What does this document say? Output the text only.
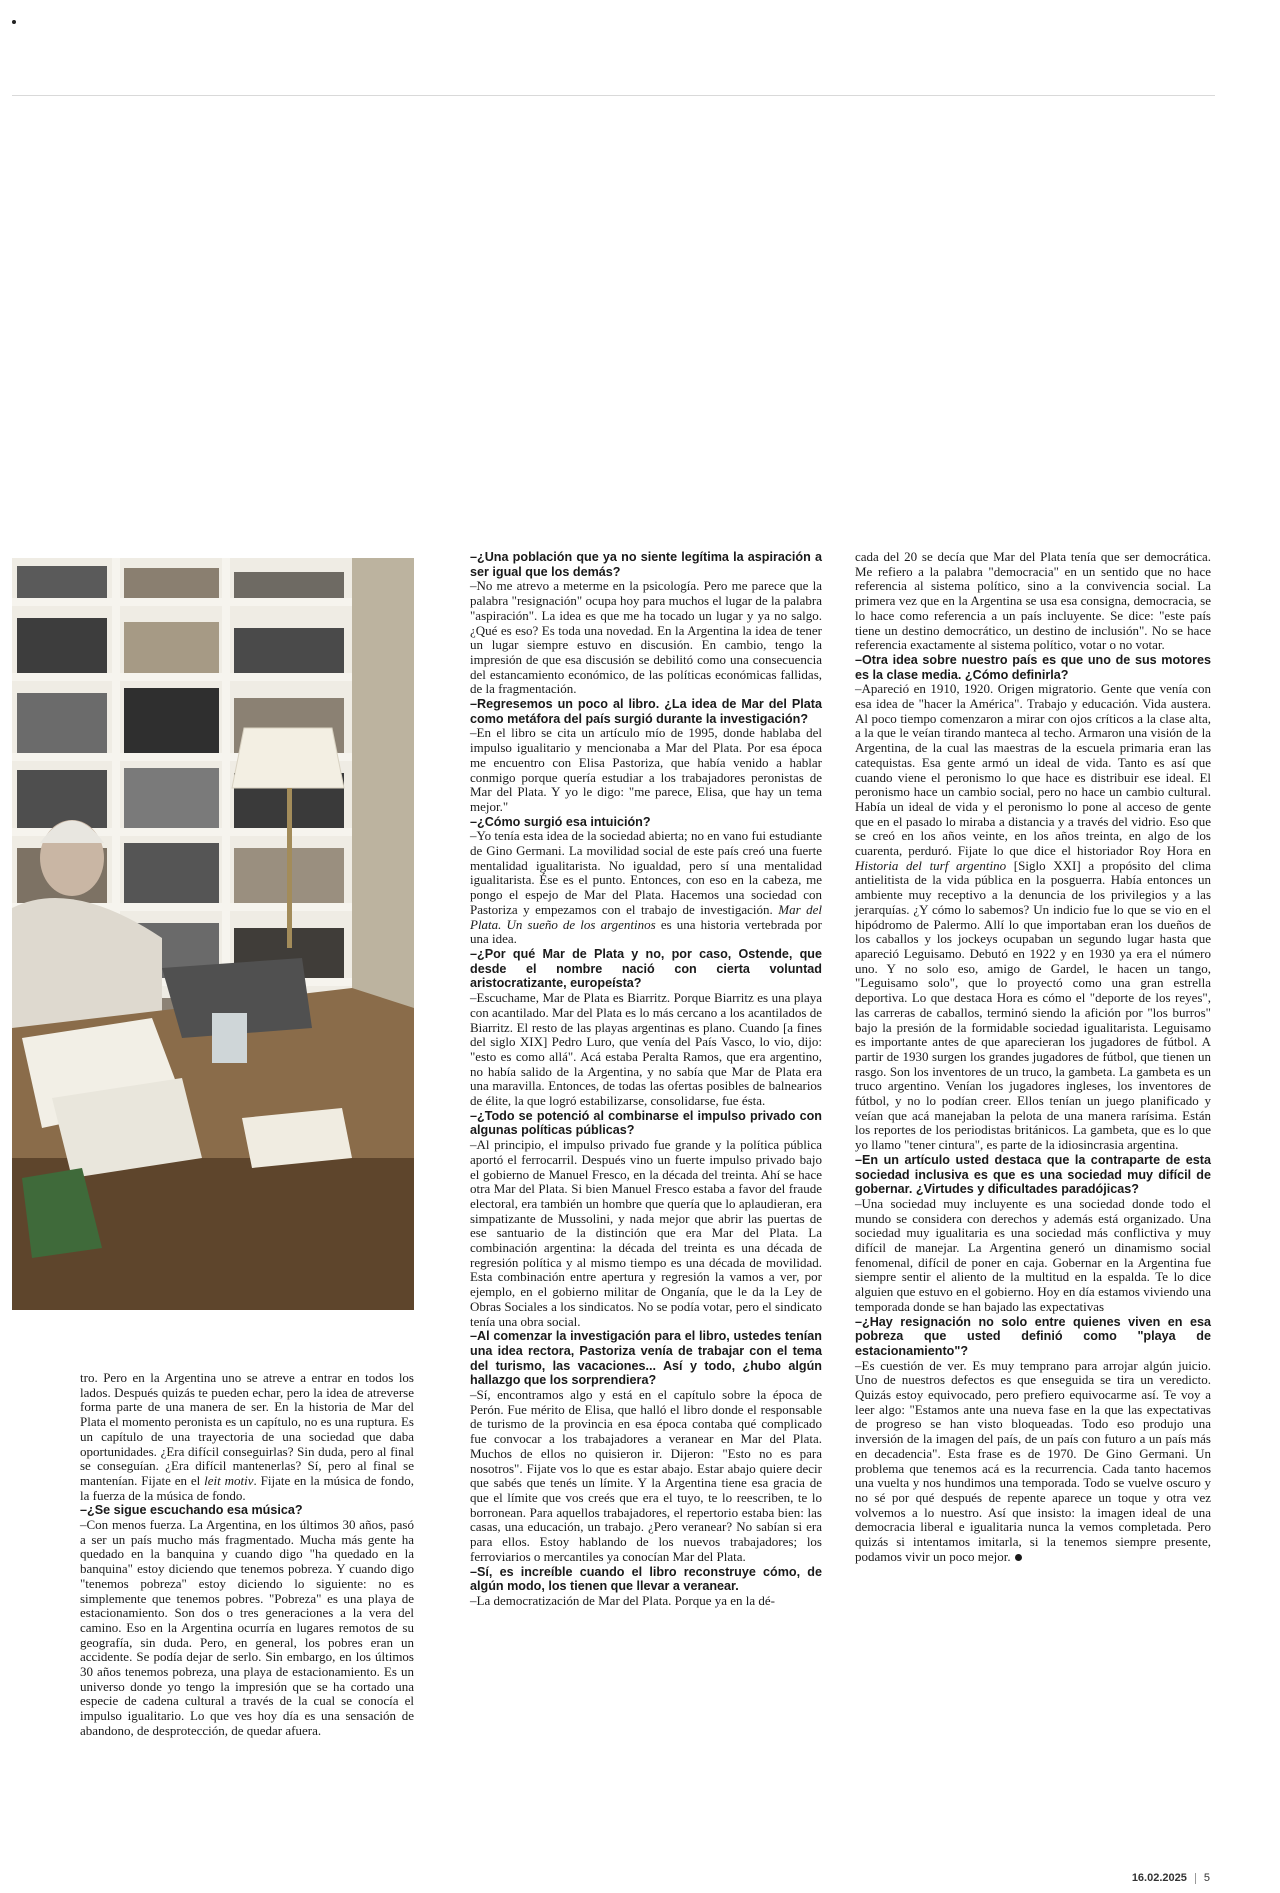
tro. Pero en la Argentina uno se atreve a entrar en todos los lados. Después quizás te pueden echar, pero la idea de atreverse forma parte de una manera de ser. En la historia de Mar del Plata el momento peronista es un capítulo, no es una ruptura. Es un capítulo de una trayectoria de una sociedad que daba oportunidades. ¿Era difícil conseguirlas? Sin duda, pero al final se conseguían. ¿Era difícil mantenerlas? Sí, pero al final se mantenían. Fijate en el leit motiv. Fijate en la música de fondo, la fuerza de la música de fondo.

–¿Se sigue escuchando esa música?

–Con menos fuerza. La Argentina, en los últimos 30 años, pasó a ser un país mucho más fragmentado. Mucha más gente ha quedado en la banquina y cuando digo "ha quedado en la banquina" estoy diciendo que tenemos pobreza. Y cuando digo "tenemos pobreza" estoy diciendo lo siguiente: no es simplemente que tenemos pobres. "Pobreza" es una playa de estacionamiento. Son dos o tres generaciones a la vera del camino. Eso en la Argentina ocurría en lugares remotos de su geografía, sin duda. Pero, en general, los pobres eran un accidente. Se podía dejar de serlo. Sin embargo, en los últimos 30 años tenemos pobreza, una playa de estacionamiento. Es un universo donde yo tengo la impresión que se ha cortado una especie de cadena cultural a través de la cual se conocía el impulso igualitario. Lo que ves hoy día es una sensación de abandono, de desprotección, de quedar afuera.

–¿Una población que ya no siente legítima la aspiración a ser igual que los demás?

–No me atrevo a meterme en la psicología. Pero me parece que la palabra "resignación" ocupa hoy para muchos el lugar de la palabra "aspiración". La idea es que me ha tocado un lugar y ya no salgo. ¿Qué es eso? Es toda una novedad. En la Argentina la idea de tener un lugar siempre estuvo en discusión. En cambio, tengo la impresión de que esa discusión se debilitó como una consecuencia del estancamiento económico, de las políticas económicas fallidas, de la fragmentación.

–Regresemos un poco al libro. ¿La idea de Mar del Plata como metáfora del país surgió durante la investigación?

–En el libro se cita un artículo mío de 1995, donde hablaba del impulso igualitario y mencionaba a Mar del Plata. Por esa época me encuentro con Elisa Pastoriza, que había venido a hablar conmigo porque quería estudiar a los trabajadores peronistas de Mar del Plata. Y yo le digo: "me parece, Elisa, que hay un tema mejor."

–¿Cómo surgió esa intuición?

–Yo tenía esta idea de la sociedad abierta; no en vano fui estudiante de Gino Germani. La movilidad social de este país creó una fuerte mentalidad igualitarista. No igualdad, pero sí una mentalidad igualitarista. Ése es el punto. Entonces, con eso en la cabeza, me pongo el espejo de Mar del Plata. Hacemos una sociedad con Pastoriza y empezamos con el trabajo de investigación. Mar del Plata. Un sueño de los argentinos es una historia vertebrada por una idea.

–¿Por qué Mar de Plata y no, por caso, Ostende, que desde el nombre nació con cierta voluntad aristocratizante, europeísta?

–Escuchame, Mar de Plata es Biarritz. Porque Biarritz es una playa con acantilado. Mar del Plata es lo más cercano a los acantilados de Biarritz. El resto de las playas argentinas es plano. Cuando [a fines del siglo XIX] Pedro Luro, que venía del País Vasco, lo vio, dijo: "esto es como allá". Acá estaba Peralta Ramos, que era argentino, no había salido de la Argentina, y no sabía que Mar de Plata era una maravilla. Entonces, de todas las ofertas posibles de balnearios de élite, la que logró estabilizarse, consolidarse, fue ésta.

–¿Todo se potenció al combinarse el impulso privado con algunas políticas públicas?

–Al principio, el impulso privado fue grande y la política pública aportó el ferrocarril. Después vino un fuerte impulso privado bajo el gobierno de Manuel Fresco, en la década del treinta. Ahí se hace otra Mar del Plata. Si bien Manuel Fresco estaba a favor del fraude electoral, era también un hombre que quería que lo aplaudieran, era simpatizante de Mussolini, y nada mejor que abrir las puertas de ese santuario de la distinción que era Mar del Plata. La combinación argentina: la década del treinta es una década de regresión política y al mismo tiempo es una década de movilidad. Esta combinación entre apertura y regresión la vamos a ver, por ejemplo, en el gobierno militar de Onganía, que le da la Ley de Obras Sociales a los sindicatos. No se podía votar, pero el sindicato tenía una obra social.

–Al comenzar la investigación para el libro, ustedes tenían una idea rectora, Pastoriza venía de trabajar con el tema del turismo, las vacaciones... Así y todo, ¿hubo algún hallazgo que los sorprendiera?

–Sí, encontramos algo y está en el capítulo sobre la época de Perón. Fue mérito de Elisa, que halló el libro donde el responsable de turismo de la provincia en esa época contaba qué complicado fue convocar a los trabajadores a veranear en Mar del Plata. Muchos de ellos no quisieron ir. Dijeron: "Esto no es para nosotros". Fijate vos lo que es estar abajo. Estar abajo quiere decir que sabés que tenés un límite. Y la Argentina tiene esa gracia de que el límite que vos creés que era el tuyo, te lo reescriben, te lo borronean. Para aquellos trabajadores, el repertorio estaba bien: las casas, una educación, un trabajo. ¿Pero veranear? No sabían si era para ellos. Estoy hablando de los nuevos trabajadores; los ferroviarios o mercantiles ya conocían Mar del Plata.

–Sí, es increíble cuando el libro reconstruye cómo, de algún modo, los tienen que llevar a veranear.

–La democratización de Mar del Plata. Porque ya en la dé-

cada del 20 se decía que Mar del Plata tenía que ser democrática. Me refiero a la palabra "democracia" en un sentido que no hace referencia al sistema político, sino a la convivencia social. La primera vez que en la Argentina se usa esa consigna, democracia, se lo hace como referencia a un país incluyente. Se dice: "este país tiene un destino democrático, un destino de inclusión". No se hace referencia exactamente al sistema político, votar o no votar.

–Otra idea sobre nuestro país es que uno de sus motores es la clase media. ¿Cómo definirla?

–Apareció en 1910, 1920. Origen migratorio. Gente que venía con esa idea de "hacer la América". Trabajo y educación. Vida austera. Al poco tiempo comenzaron a mirar con ojos críticos a la clase alta, a la que le veían tirando manteca al techo. Armaron una visión de la Argentina, de la cual las maestras de la escuela primaria eran las catequistas. Esa gente armó un ideal de vida. Tanto es así que cuando viene el peronismo lo que hace es distribuir ese ideal. El peronismo hace un cambio social, pero no hace un cambio cultural. Había un ideal de vida y el peronismo lo pone al acceso de gente que en el pasado lo miraba a distancia y a través del vidrio. Eso que se creó en los años veinte, en los años treinta, en algo de los cuarenta, perduró. Fijate lo que dice el historiador Roy Hora en Historia del turf argentino [Siglo XXI] a propósito del clima antielitista de la vida pública en la posguerra. Había entonces un ambiente muy receptivo a la denuncia de los privilegios y a las jerarquías. ¿Y cómo lo sabemos? Un indicio fue lo que se vio en el hipódromo de Palermo. Allí lo que importaban eran los dueños de los caballos y los jockeys ocupaban un segundo lugar hasta que apareció Leguisamo. Debutó en 1922 y en 1930 ya era el número uno. Y no solo eso, amigo de Gardel, le hacen un tango, "Leguisamo solo", que lo proyectó como una gran estrella deportiva. Lo que destaca Hora es cómo el "deporte de los reyes", las carreras de caballos, terminó siendo la afición por "los burros" bajo la presión de la formidable sociedad igualitarista. Leguisamo es importante antes de que aparecieran los jugadores de fútbol. A partir de 1930 surgen los grandes jugadores de fútbol, que tienen un rasgo. Son los inventores de un truco, la gambeta. La gambeta es un truco argentino. Venían los jugadores ingleses, los inventores de fútbol, y no lo podían creer. Ellos tenían un juego planificado y veían que acá manejaban la pelota de una manera rarísima. Están los reportes de los periodistas británicos. La gambeta, que es lo que yo llamo "tener cintura", es parte de la idiosincrasia argentina.

–En un artículo usted destaca que la contraparte de esta sociedad inclusiva es que es una sociedad muy difícil de gobernar. ¿Virtudes y dificultades paradójicas?

–Una sociedad muy incluyente es una sociedad donde todo el mundo se considera con derechos y además está organizado. Una sociedad muy igualitaria es una sociedad más conflictiva y muy difícil de manejar. La Argentina generó un dinamismo social fenomenal, difícil de poner en caja. Gobernar en la Argentina fue siempre sentir el aliento de la multitud en la espalda. Te lo dice alguien que estuvo en el gobierno. Hoy en día estamos viviendo una temporada donde se han bajado las expectativas

–¿Hay resignación no solo entre quienes viven en esa pobreza que usted definió como "playa de estacionamiento"?

–Es cuestión de ver. Es muy temprano para arrojar algún juicio. Uno de nuestros defectos es que enseguida se tira un veredicto. Quizás estoy equivocado, pero prefiero equivocarme así. Te voy a leer algo: "Estamos ante una nueva fase en la que las expectativas de progreso se han visto bloqueadas. Todo eso produjo una inversión de la imagen del país, de un país con futuro a un país más en decadencia". Esta frase es de 1970. De Gino Germani. Un problema que tenemos acá es la recurrencia. Cada tanto hacemos una vuelta y nos hundimos una temporada. Todo se vuelve oscuro y no sé por qué después de repente aparece un toque y otra vez volvemos a lo nuestro. Así que insisto: la imagen ideal de una democracia liberal e igualitaria nunca la vemos completada. Pero quizás si intentamos imitarla, si la tenemos siempre presente, podamos vivir un poco mejor.

16.02.2025 5
